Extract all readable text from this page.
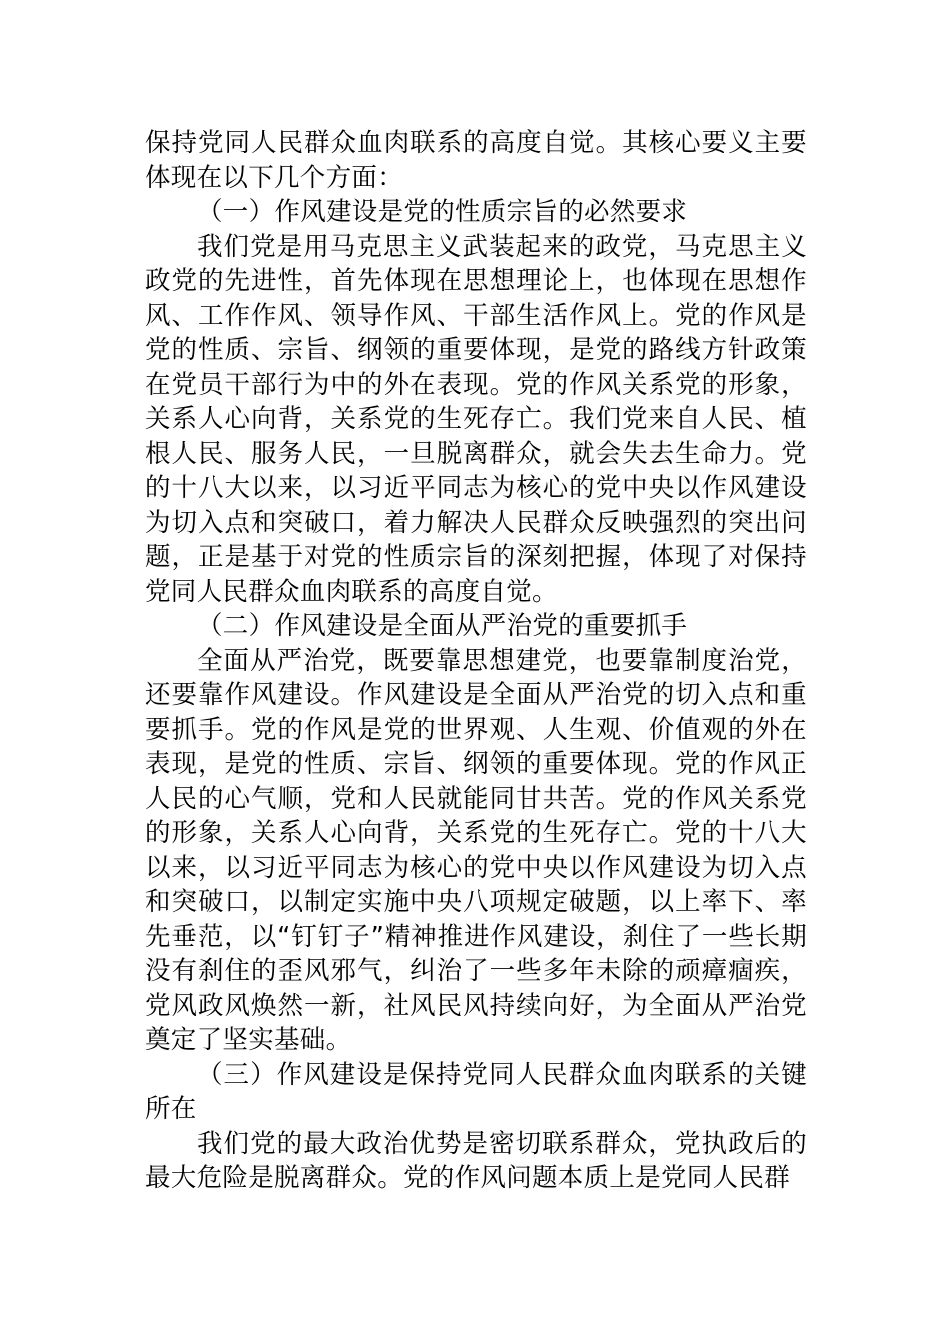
保持党同人民群众血肉联系的高度自觉。其核心要义主要体现在以下几个方面：

（一）作风建设是党的性质宗旨的必然要求

我们党是用马克思主义武装起来的政党，马克思主义政党的先进性，首先体现在思想理论上，也体现在思想作风、工作作风、领导作风、干部生活作风上。党的作风是党的性质、宗旨、纲领的重要体现，是党的路线方针政策在党员干部行为中的外在表现。党的作风关系党的形象，关系人心向背，关系党的生死存亡。我们党来自人民、植根人民、服务人民，一旦脱离群众，就会失去生命力。党的十八大以来，以习近平同志为核心的党中央以作风建设为切入点和突破口，着力解决人民群众反映强烈的突出问题，正是基于对党的性质宗旨的深刻把握，体现了对保持党同人民群众血肉联系的高度自觉。

（二）作风建设是全面从严治党的重要抓手

全面从严治党，既要靠思想建党，也要靠制度治党，还要靠作风建设。作风建设是全面从严治党的切入点和重要抓手。党的作风是党的世界观、人生观、价值观的外在表现，是党的性质、宗旨、纲领的重要体现。党的作风正人民的心气顺，党和人民就能同甘共苦。党的作风关系党的形象，关系人心向背，关系党的生死存亡。党的十八大以来，以习近平同志为核心的党中央以作风建设为切入点和突破口，以制定实施中央八项规定破题，以上率下、率先垂范，以“钉钉子”精神推进作风建设，刹住了一些长期没有刹住的歪风邪气，纠治了一些多年未除的顽瘴痼疾，党风政风焕然一新，社风民风持续向好，为全面从严治党奠定了坚实基础。

（三）作风建设是保持党同人民群众血肉联系的关键所在

我们党的最大政治优势是密切联系群众，党执政后的最大危险是脱离群众。党的作风问题本质上是党同人民群
